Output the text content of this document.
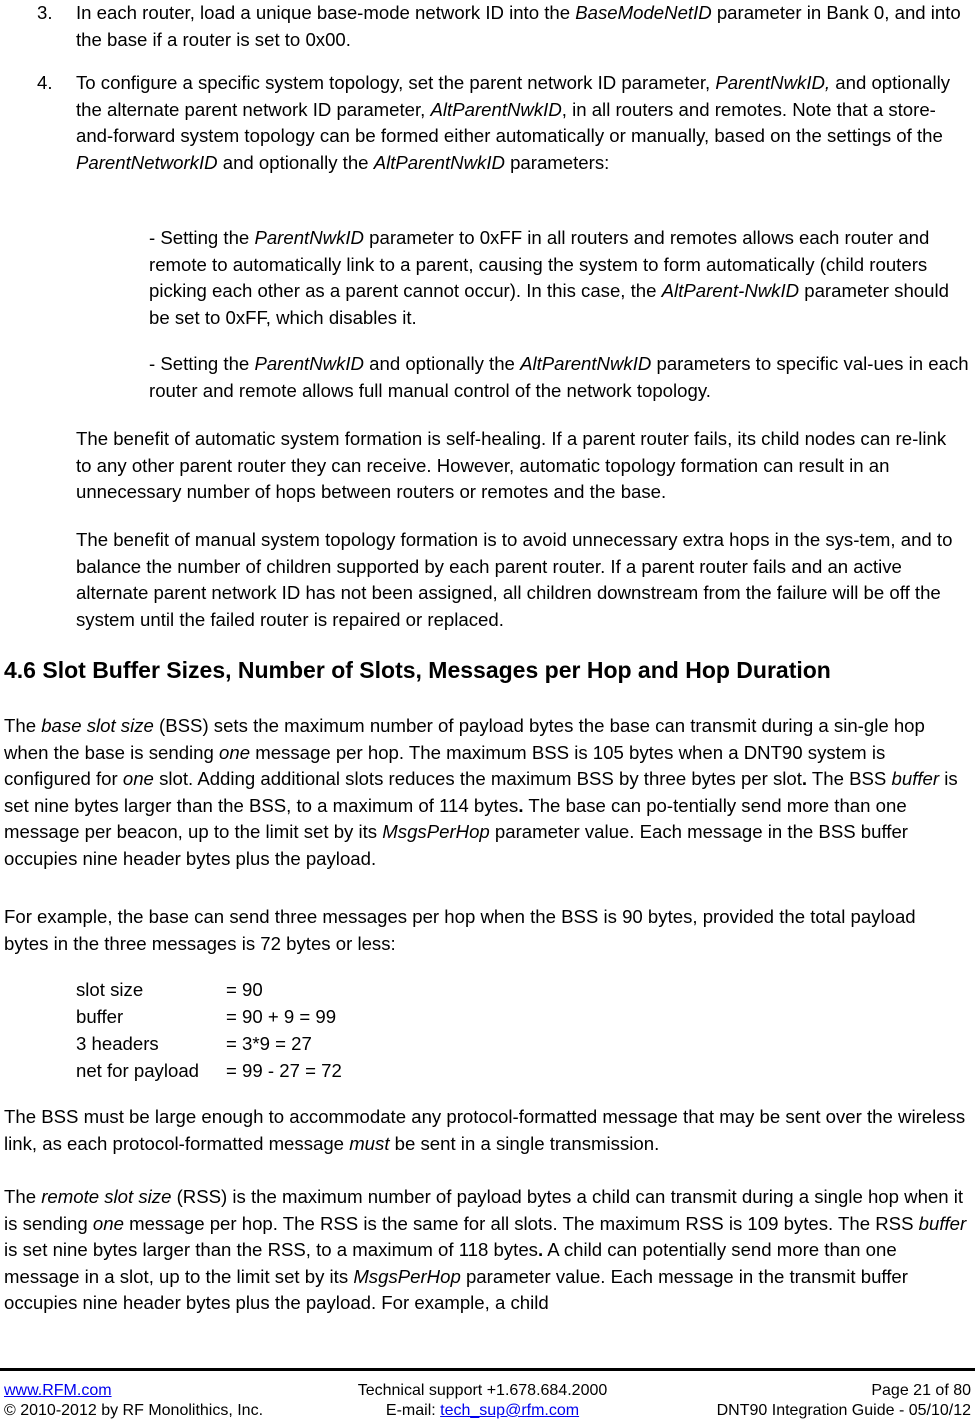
3. In each router, load a unique base-mode network ID into the BaseModeNetID parameter in Bank 0, and into the base if a router is set to 0x00.

4. To configure a specific system topology, set the parent network ID parameter, ParentNwkID, and optionally the alternate parent network ID parameter, AltParentNwkID, in all routers and remotes. Note that a store-and-forward system topology can be formed either automatically or manually, based on the settings of the ParentNetworkID and optionally the AltParentNwkID parameters:

- Setting the ParentNwkID parameter to 0xFF in all routers and remotes allows each router and remote to automatically link to a parent, causing the system to form automatically (child routers picking each other as a parent cannot occur). In this case, the AltParent-NwkID parameter should be set to 0xFF, which disables it.

- Setting the ParentNwkID and optionally the AltParentNwkID parameters to specific val-ues in each router and remote allows full manual control of the network topology.

The benefit of automatic system formation is self-healing. If a parent router fails, its child nodes can re-link to any other parent router they can receive. However, automatic topology formation can result in an unnecessary number of hops between routers or remotes and the base.

The benefit of manual system topology formation is to avoid unnecessary extra hops in the sys-tem, and to balance the number of children supported by each parent router. If a parent router fails and an active alternate parent network ID has not been assigned, all children downstream from the failure will be off the system until the failed router is repaired or replaced.

4.6 Slot Buffer Sizes, Number of Slots, Messages per Hop and Hop Duration

The base slot size (BSS) sets the maximum number of payload bytes the base can transmit during a sin-gle hop when the base is sending one message per hop. The maximum BSS is 105 bytes when a DNT90 system is configured for one slot. Adding additional slots reduces the maximum BSS by three bytes per slot. The BSS buffer is set nine bytes larger than the BSS, to a maximum of 114 bytes. The base can po-tentially send more than one message per beacon, up to the limit set by its MsgsPerHop parameter value. Each message in the BSS buffer occupies nine header bytes plus the payload.

For example, the base can send three messages per hop when the BSS is 90 bytes, provided the total payload bytes in the three messages is 72 bytes or less:

slot size	= 90
buffer	= 90 + 9 = 99
3 headers	= 3*9 = 27
net for payload = 99 - 27 = 72

The BSS must be large enough to accommodate any protocol-formatted message that may be sent over the wireless link, as each protocol-formatted message must be sent in a single transmission.

The remote slot size (RSS) is the maximum number of payload bytes a child can transmit during a single hop when it is sending one message per hop. The RSS is the same for all slots. The maximum RSS is 109 bytes. The RSS buffer is set nine bytes larger than the RSS, to a maximum of 118 bytes. A child can potentially send more than one message in a slot, up to the limit set by its MsgsPerHop parameter value. Each message in the transmit buffer occupies nine header bytes plus the payload. For example, a child

www.RFM.com
© 2010-2012 by RF Monolithics, Inc.
Technical support +1.678.684.2000
E-mail: tech_sup@rfm.com
Page 21 of 80
DNT90 Integration Guide - 05/10/12
